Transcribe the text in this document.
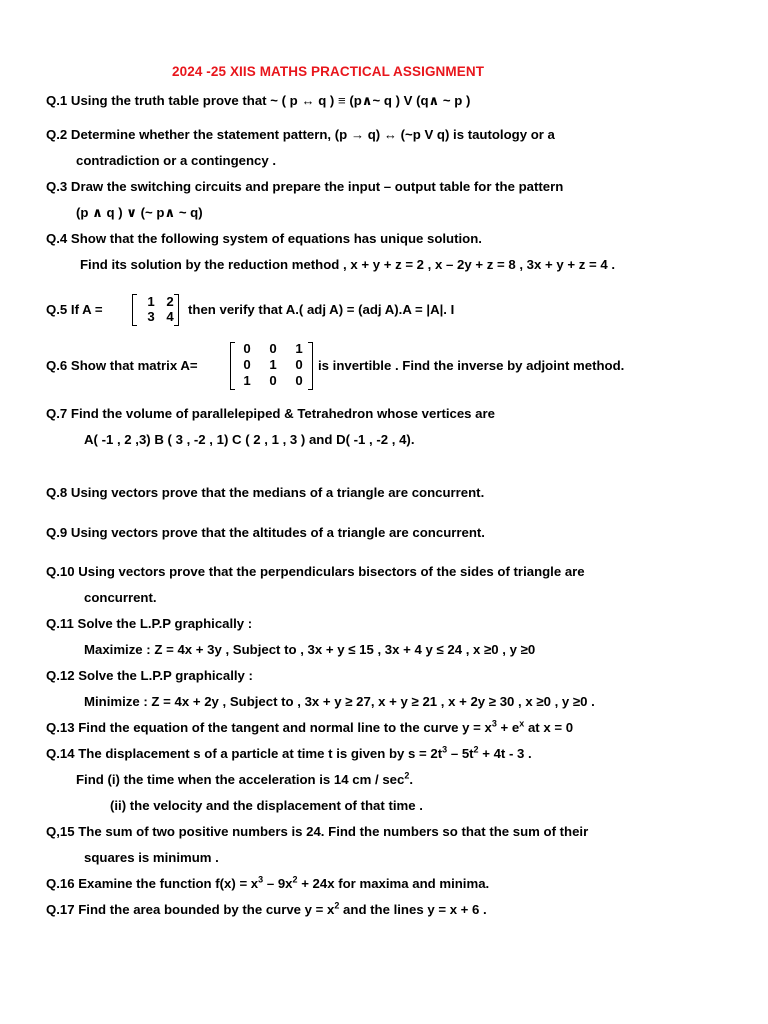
2024 -25 XIIS MATHS PRACTICAL ASSIGNMENT
Q.1 Using the truth table prove that ~ ( p ↔ q ) ≡ (p∧~ q ) V (q∧ ~ p )
Q.2 Determine whether the statement pattern, (p → q) ↔ (~p V q) is tautology or a
contradiction or a contingency .
Q.3 Draw the switching circuits and prepare the input – output table for the pattern
(p ∧ q ) ∨ (~ p∧ ~ q)
Q.4 Show that the following system of equations has unique solution.
Find its solution by the reduction method , x + y + z = 2 , x – 2y + z = 8 , 3x + y + z = 4 .
Q.5 If A =
1 2
3 4 then verify that A.( adj A) = (adj A).A = |A|. I
Q.6 Show that matrix A=
0	0	1
0	1	0
1	0	0
is invertible . Find the inverse by adjoint method.
Q.7 Find the volume of parallelepiped & Tetrahedron whose vertices are
A( -1 , 2 ,3) B ( 3 , -2 , 1) C ( 2 , 1 , 3 ) and D( -1 , -2 , 4).
Q.8 Using vectors prove that the medians of a triangle are concurrent.
Q.9 Using vectors prove that the altitudes of a triangle are concurrent.
Q.10 Using vectors prove that the perpendiculars bisectors of the sides of triangle are
concurrent.
Q.11 Solve the L.P.P graphically :
Maximize : Z = 4x + 3y , Subject to , 3x + y ≤ 15 , 3x + 4 y ≤ 24 , x ≥0 , y ≥0
Q.12 Solve the L.P.P graphically :
Minimize : Z = 4x + 2y , Subject to , 3x + y ≥ 27, x + y ≥ 21 , x + 2y ≥ 30 , x ≥0 , y ≥0 .
Q.13 Find the equation of the tangent and normal line to the curve $y = x^3 + e^x$ at x = 0
Q.14 The displacement s of a particle at time t is given by $s = 2t^3 - 5t^2 + 4t - 3$ .
Find (i) the time when the acceleration is 14 cm / $\sec^2$.
(ii) the velocity and the displacement of that time .
Q,15 The sum of two positive numbers is 24. Find the numbers so that the sum of their
squares is minimum .
Q.16 Examine the function $f(x) = x^3 - 9x^2 + 24x$ for maxima and minima.
Q.17 Find the area bounded by the curve $y = x^2$ and the lines y = x + 6 .
